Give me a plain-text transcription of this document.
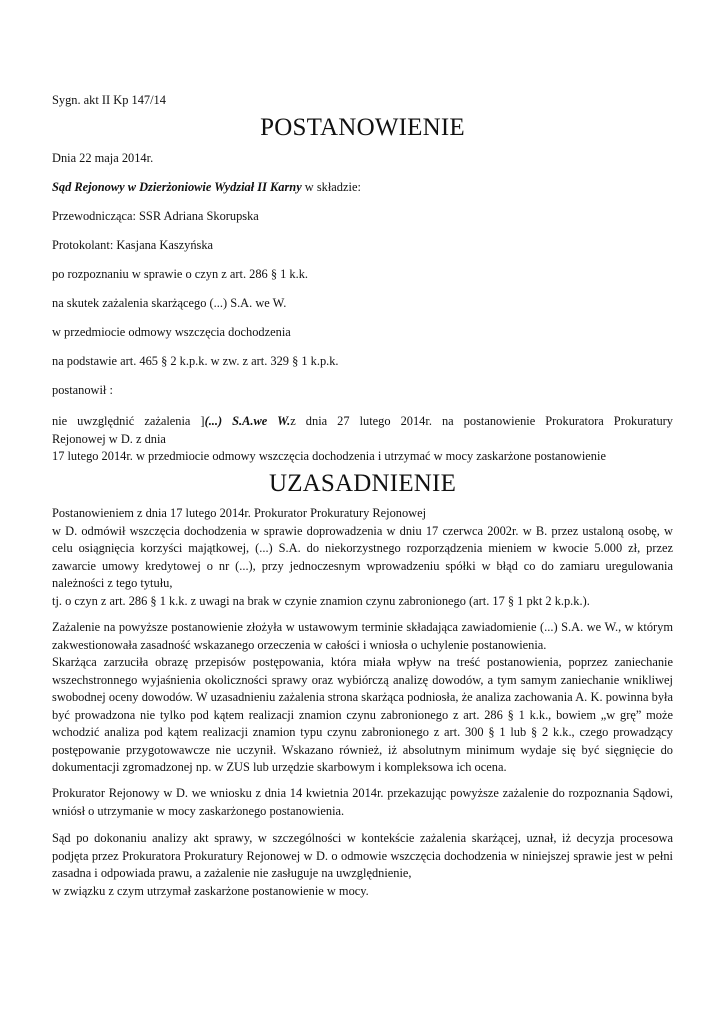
Sygn. akt II Kp 147/14

POSTANOWIENIE

Dnia 22 maja 2014r.

Sąd Rejonowy w Dzierżoniowie Wydział II Karny w składzie:

Przewodnicząca: SSR Adriana Skorupska

Protokolant: Kasjana Kaszyńska

po rozpoznaniu w sprawie o czyn z art. 286 § 1 k.k.

na skutek zażalenia skarżącego (...) S.A. we W.

w przedmiocie odmowy wszczęcia dochodzenia

na podstawie art. 465 § 2 k.p.k. w zw. z art. 329 § 1 k.p.k.

postanowił :

nie uwzględnić zażalenia ](...) S.A.we W.z dnia 27 lutego 2014r. na postanowienie Prokuratora Prokuratury

Rejonowej w D. z dnia

17 lutego 2014r. w przedmiocie odmowy wszczęcia dochodzenia i utrzymać w mocy zaskarżone postanowienie

UZASADNIENIE

Postanowieniem z dnia 17 lutego 2014r. Prokurator Prokuratury Rejonowej

w D. odmówił wszczęcia dochodzenia w sprawie doprowadzenia w dniu 17 czerwca 2002r. w B. przez ustaloną osobę, w celu osiągnięcia korzyści majątkowej, (...) S.A. do niekorzystnego rozporządzenia mieniem w kwocie 5.000 zł, przez zawarcie umowy kredytowej o nr (...), przy jednoczesnym wprowadzeniu spółki w błąd co do zamiaru uregulowania należności z tego tytułu,

tj. o czyn z art. 286 § 1 k.k. z uwagi na brak w czynie znamion czynu zabronionego (art. 17 § 1 pkt 2 k.p.k.).

Zażalenie na powyższe postanowienie złożyła w ustawowym terminie składająca zawiadomienie (...) S.A. we W., w którym zakwestionowała zasadność wskazanego orzeczenia w całości i wniosła o uchylenie postanowienia.

Skarżąca zarzuciła obrazę przepisów postępowania, która miała wpływ na treść postanowienia, poprzez zaniechanie wszechstronnego wyjaśnienia okoliczności sprawy oraz wybiórczą analizę dowodów, a tym samym zaniechanie wnikliwej swobodnej oceny dowodów. W uzasadnieniu zażalenia strona skarżąca podniosła, że analiza zachowania A. K. powinna była być prowadzona nie tylko pod kątem realizacji znamion czynu zabronionego z art. 286 § 1 k.k., bowiem „w grę” może wchodzić analiza pod kątem realizacji znamion typu czynu zabronionego z art. 300 § 1 lub § 2 k.k., czego prowadzący postępowanie przygotowawcze nie uczynił. Wskazano również, iż absolutnym minimum wydaje się być sięgnięcie do dokumentacji zgromadzonej np. w ZUS lub urzędzie skarbowym i kompleksowa ich ocena.

Prokurator Rejonowy w D. we wniosku z dnia 14 kwietnia 2014r. przekazując powyższe zażalenie do rozpoznania Sądowi, wniósł o utrzymanie w mocy zaskarżonego postanowienia.

Sąd po dokonaniu analizy akt sprawy, w szczególności w kontekście zażalenia skarżącej, uznał, iż decyzja procesowa podjęta przez Prokuratora Prokuratury Rejonowej w D. o odmowie wszczęcia dochodzenia w niniejszej sprawie jest w pełni zasadna i odpowiada prawu, a zażalenie nie zasługuje na uwzględnienie,

w związku z czym utrzymał zaskarżone postanowienie w mocy.
